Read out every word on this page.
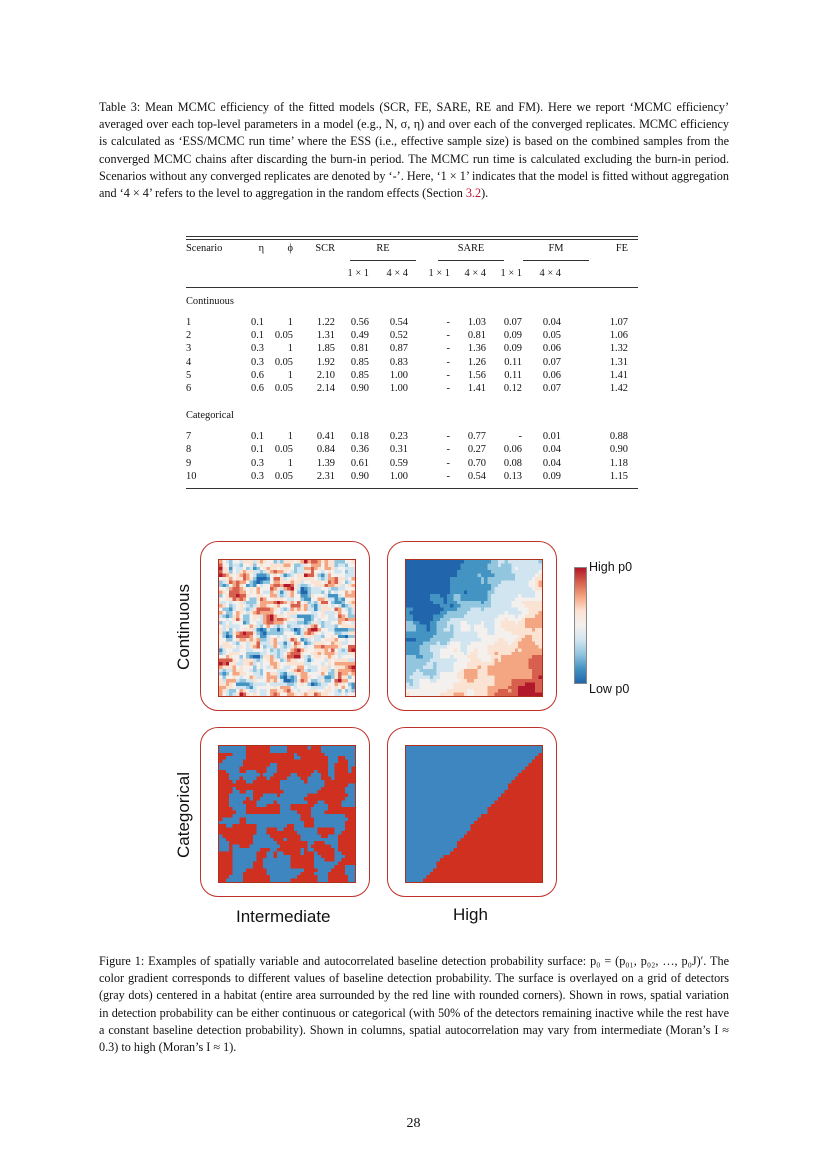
Table 3: Mean MCMC efficiency of the fitted models (SCR, FE, SARE, RE and FM). Here we report ‘MCMC efficiency’ averaged over each top-level parameters in a model (e.g., N, σ, η) and over each of the converged replicates. MCMC efficiency is calculated as ‘ESS/MCMC run time’ where the ESS (i.e., effective sample size) is based on the combined samples from the converged MCMC chains after discarding the burn-in period. The MCMC run time is calculated excluding the burn-in period. Scenarios without any converged replicates are denoted by ‘-’. Here, ‘1 × 1’ indicates that the model is fitted without aggregation and ‘4 × 4’ refers to the level to aggregation in the random effects (Section 3.2).
Scenario	η	ϕ	SCR	RE	SARE	FM	FE
1 × 1	4 × 4	1 × 1	4 × 4	1 × 1	4 × 4
Continuous
1	0.1	1	1.22	0.56	0.54	-	1.03	0.07	0.04	1.07
2	0.1	0.05	1.31	0.49	0.52	-	0.81	0.09	0.05	1.06
3	0.3	1	1.85	0.81	0.87	-	1.36	0.09	0.06	1.32
4	0.3	0.05	1.92	0.85	0.83	-	1.26	0.11	0.07	1.31
5	0.6	1	2.10	0.85	1.00	-	1.56	0.11	0.06	1.41
6	0.6	0.05	2.14	0.90	1.00	-	1.41	0.12	0.07	1.42
Categorical
7	0.1	1	0.41	0.18	0.23	-	0.77	-	0.01	0.88
8	0.1	0.05	0.84	0.36	0.31	-	0.27	0.06	0.04	0.90
9	0.3	1	1.39	0.61	0.59	-	0.70	0.08	0.04	1.18
10	0.3	0.05	2.31	0.90	1.00	-	0.54	0.13	0.09	1.15
Continuous
Categorical
High p0
Low p0
Intermediate	High
Figure 1: Examples of spatially variable and autocorrelated baseline detection probability surface: p₀ = (p₀₁, p₀₂, …, p₀J)′. The color gradient corresponds to different values of baseline detection probability. The surface is overlayed on a grid of detectors (gray dots) centered in a habitat (entire area surrounded by the red line with rounded corners). Shown in rows, spatial variation in detection probability can be either continuous or categorical (with 50% of the detectors remaining inactive while the rest have a constant baseline detection probability). Shown in columns, spatial autocorrelation may vary from intermediate (Moran’s I ≈ 0.3) to high (Moran’s I ≈ 1).
28
